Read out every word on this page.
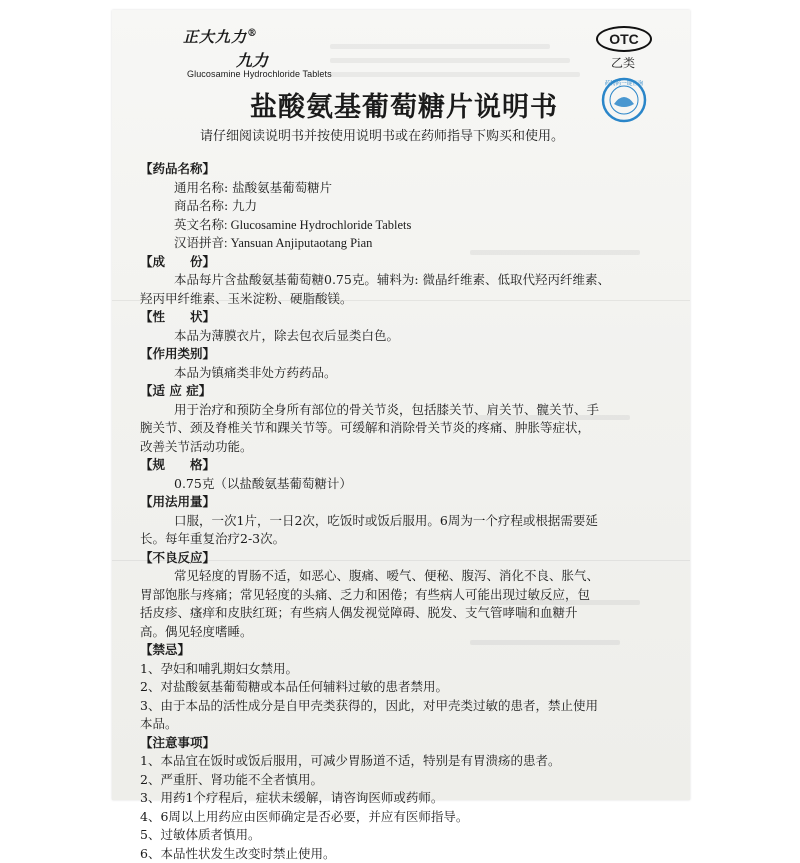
正大九力®
九力
Glucosamine Hydrochloride Tablets
OTC
乙类
药物药一键查询
盐酸氨基葡萄糖片说明书
请仔细阅读说明书并按使用说明书或在药师指导下购买和使用。
【药品名称】
通用名称: 盐酸氨基葡萄糖片
商品名称: 九力
英文名称: Glucosamine Hydrochloride Tablets
汉语拼音: Yansuan Anjiputaotang Pian
【成　　份】
本品每片含盐酸氨基葡萄糖0.75克。辅料为: 微晶纤维素、低取代羟丙纤维素、
羟丙甲纤维素、玉米淀粉、硬脂酸镁。
【性　　状】
本品为薄膜衣片，除去包衣后显类白色。
【作用类别】
本品为镇痛类非处方药药品。
【适 应 症】
用于治疗和预防全身所有部位的骨关节炎，包括膝关节、肩关节、髋关节、手
腕关节、颈及脊椎关节和踝关节等。可缓解和消除骨关节炎的疼痛、肿胀等症状，
改善关节活动功能。
【规　　格】
0.75克（以盐酸氨基葡萄糖计）
【用法用量】
口服，一次1片，一日2次，吃饭时或饭后服用。6周为一个疗程或根据需要延
长。每年重复治疗2-3次。
【不良反应】
常见轻度的胃肠不适，如恶心、腹痛、嗳气、便秘、腹泻、消化不良、胀气、
胃部饱胀与疼痛；常见轻度的头痛、乏力和困倦；有些病人可能出现过敏反应，包
括皮疹、瘙痒和皮肤红斑；有些病人偶发视觉障碍、脱发、支气管哮喘和血糖升
高。偶见轻度嗜睡。
【禁忌】
1、孕妇和哺乳期妇女禁用。
2、对盐酸氨基葡萄糖或本品任何辅料过敏的患者禁用。
3、由于本品的活性成分是自甲壳类获得的，因此，对甲壳类过敏的患者，禁止使用
本品。
【注意事项】
1、本品宜在饭时或饭后服用，可减少胃肠道不适，特别是有胃溃疡的患者。
2、严重肝、肾功能不全者慎用。
3、用药1个疗程后，症状未缓解，请咨询医师或药师。
4、6周以上用药应由医师确定是否必要，并应有医师指导。
5、过敏体质者慎用。
6、本品性状发生改变时禁止使用。
